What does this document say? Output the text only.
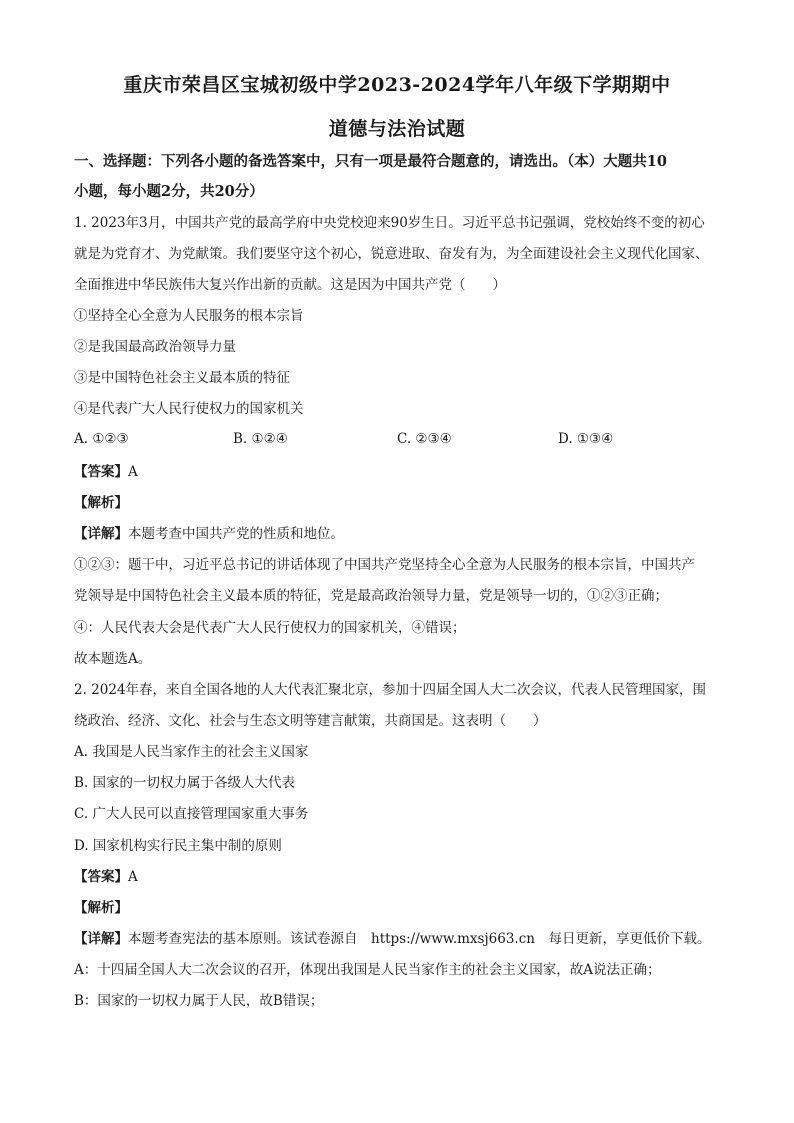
重庆市荣昌区宝城初级中学2023-2024学年八年级下学期期中
道德与法治试题
一、选择题：下列各小题的备选答案中，只有一项是最符合题意的，请选出。（本）大题共10
小题，每小题2分，共20分）
1. 2023年3月，中国共产党的最高学府中央党校迎来90岁生日。习近平总书记强调，党校始终不变的初心
就是为党育才、为党献策。我们要坚守这个初心，锐意进取、奋发有为，为全面建设社会主义现代化国家、
全面推进中华民族伟大复兴作出新的贡献。这是因为中国共产党（　　）
①坚持全心全意为人民服务的根本宗旨
②是我国最高政治领导力量
③是中国特色社会主义最本质的特征
④是代表广大人民行使权力的国家机关
A. ①②③	B. ①②④	C. ②③④	D. ①③④
【答案】A
【解析】
【详解】本题考查中国共产党的性质和地位。
①②③：题干中，习近平总书记的讲话体现了中国共产党坚持全心全意为人民服务的根本宗旨，中国共产
党领导是中国特色社会主义最本质的特征，党是最高政治领导力量，党是领导一切的，①②③正确；
④：人民代表大会是代表广大人民行使权力的国家机关，④错误；
故本题选A。
2. 2024年春，来自全国各地的人大代表汇聚北京，参加十四届全国人大二次会议，代表人民管理国家，围
绕政治、经济、文化、社会与生态文明等建言献策，共商国是。这表明（　　）
A. 我国是人民当家作主的社会主义国家
B. 国家的一切权力属于各级人大代表
C. 广大人民可以直接管理国家重大事务
D. 国家机构实行民主集中制的原则
【答案】A
【解析】
【详解】本题考查宪法的基本原则。该试卷源自　https://www.mxsj663.cn　每日更新，享更低价下载。
A：十四届全国人大二次会议的召开，体现出我国是人民当家作主的社会主义国家，故A说法正确；
B：国家的一切权力属于人民，故B错误；
